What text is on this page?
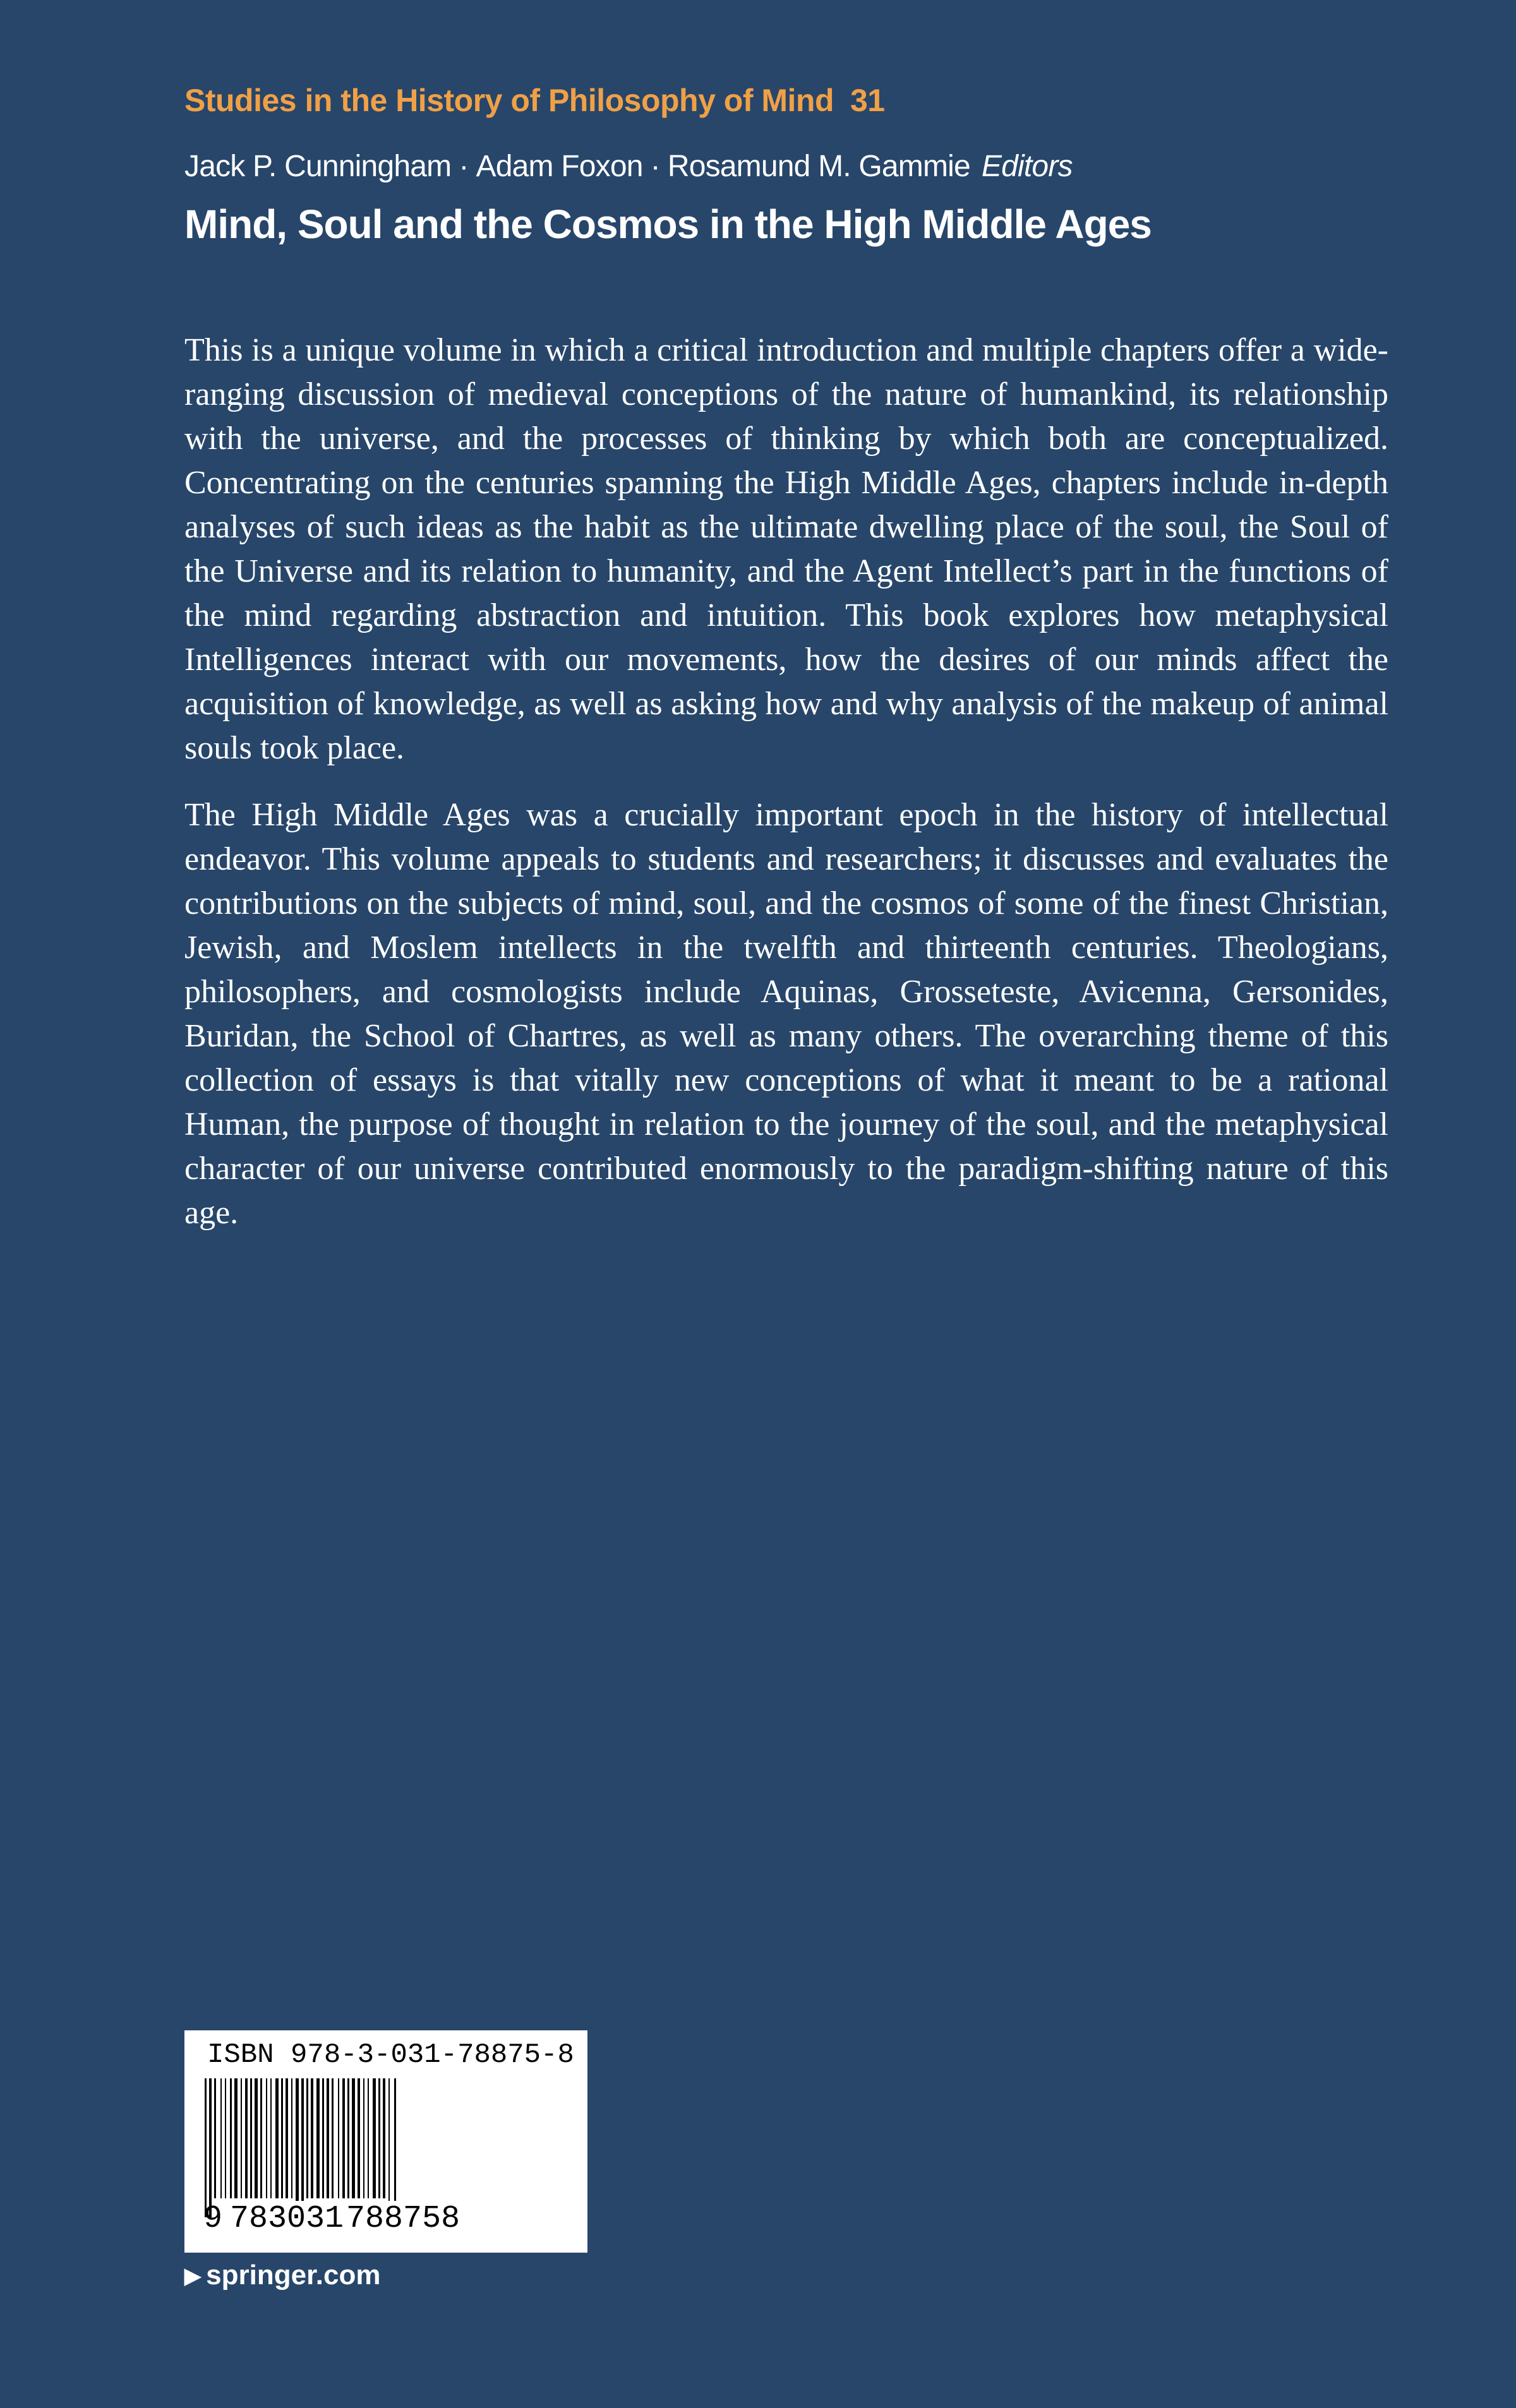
Studies in the History of Philosophy of Mind 31
Jack P. Cunningham · Adam Foxon · Rosamund M. Gammie Editors
Mind, Soul and the Cosmos in the High Middle Ages

This is a unique volume in which a critical introduction and multiple chapters offer a wide-ranging discussion of medieval conceptions of the nature of humankind, its relationship with the universe, and the processes of thinking by which both are conceptualized. Concentrating on the centuries spanning the High Middle Ages, chapters include in-depth analyses of such ideas as the habit as the ultimate dwelling place of the soul, the Soul of the Universe and its relation to humanity, and the Agent Intellect’s part in the functions of the mind regarding abstraction and intuition. This book explores how metaphysical Intelligences interact with our movements, how the desires of our minds affect the acquisition of knowledge, as well as asking how and why analysis of the makeup of animal souls took place.

The High Middle Ages was a crucially important epoch in the history of intellectual endeavor. This volume appeals to students and researchers; it discusses and evaluates the contributions on the subjects of mind, soul, and the cosmos of some of the finest Christian, Jewish, and Moslem intellects in the twelfth and thirteenth centuries. Theologians, philosophers, and cosmologists include Aquinas, Grosseteste, Avicenna, Gersonides, Buridan, the School of Chartres, as well as many others. The overarching theme of this collection of essays is that vitally new conceptions of what it meant to be a rational Human, the purpose of thought in relation to the journey of the soul, and the metaphysical character of our universe contributed enormously to the paradigm-shifting nature of this age.

ISBN 978-3-031-78875-8
9 783031788758
▶ springer.com
